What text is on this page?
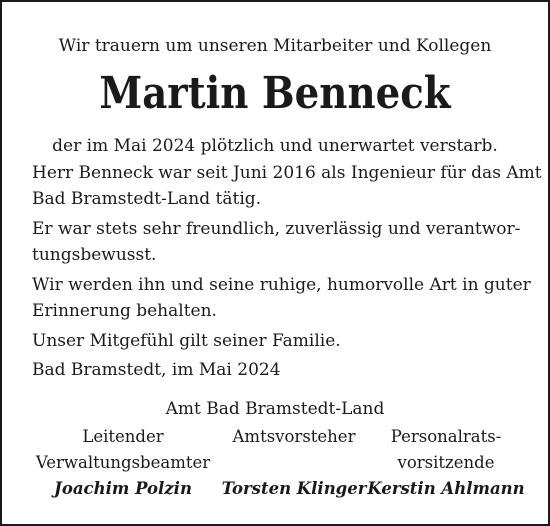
Wir trauern um unseren Mitarbeiter und Kollegen
Martin Benneck
der im Mai 2024 plötzlich und unerwartet verstarb.

Herr Benneck war seit Juni 2016 als Ingenieur für das Amt
Bad Bramstedt-Land tätig.

Er war stets sehr freundlich, zuverlässig und verantwor-
tungsbewusst.

Wir werden ihn und seine ruhige, humorvolle Art in guter
Erinnerung behalten.

Unser Mitgefühl gilt seiner Familie.

Bad Bramstedt, im Mai 2024
Amt Bad Bramstedt-Land
Leitender
Verwaltungsbeamter
Joachim Polzin
Amtsvorsteher

Torsten Klinger
Personalrats-
vorsitzende
Kerstin Ahlmann
